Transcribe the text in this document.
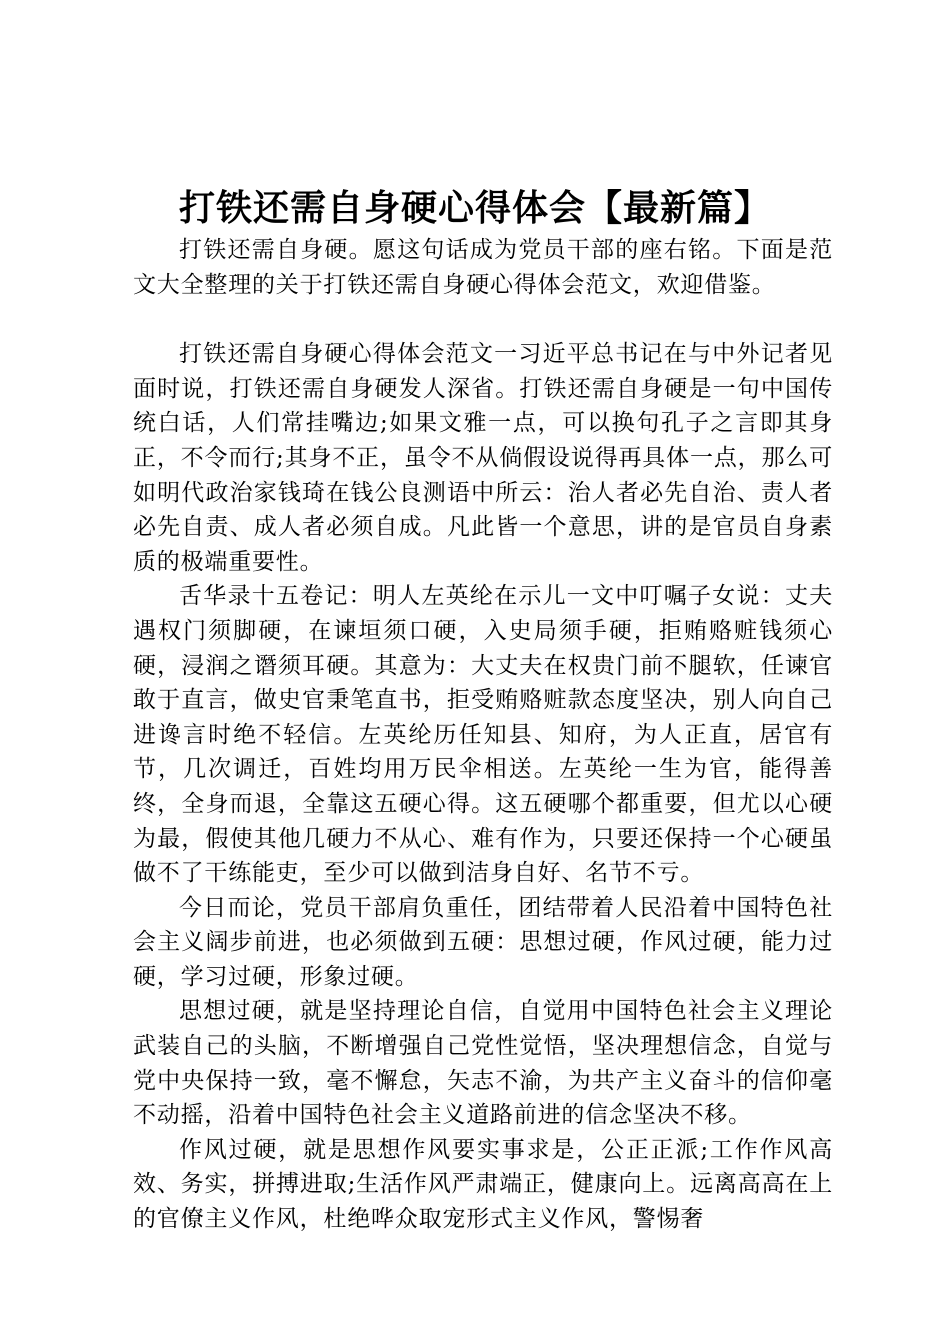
打铁还需自身硬心得体会【最新篇】

打铁还需自身硬。愿这句话成为党员干部的座右铭。下面是范文大全整理的关于打铁还需自身硬心得体会范文，欢迎借鉴。

打铁还需自身硬心得体会范文一习近平总书记在与中外记者见面时说，打铁还需自身硬发人深省。打铁还需自身硬是一句中国传统白话，人们常挂嘴边;如果文雅一点，可以换句孔子之言即其身正，不令而行;其身不正，虽令不从倘假设说得再具体一点，那么可如明代政治家钱琦在钱公良测语中所云：治人者必先自治、责人者必先自责、成人者必须自成。凡此皆一个意思，讲的是官员自身素质的极端重要性。

舌华录十五卷记：明人左英纶在示儿一文中叮嘱子女说：丈夫遇权门须脚硬，在谏垣须口硬，入史局须手硬，拒贿赂赃钱须心硬，浸润之谮须耳硬。其意为：大丈夫在权贵门前不腿软，任谏官敢于直言，做史官秉笔直书，拒受贿赂赃款态度坚决，别人向自己进谗言时绝不轻信。左英纶历任知县、知府，为人正直，居官有节，几次调迁，百姓均用万民伞相送。左英纶一生为官，能得善终，全身而退，全靠这五硬心得。这五硬哪个都重要，但尤以心硬为最，假使其他几硬力不从心、难有作为，只要还保持一个心硬虽做不了干练能吏，至少可以做到洁身自好、名节不亏。

今日而论，党员干部肩负重任，团结带着人民沿着中国特色社会主义阔步前进，也必须做到五硬：思想过硬，作风过硬，能力过硬，学习过硬，形象过硬。

思想过硬，就是坚持理论自信，自觉用中国特色社会主义理论武装自己的头脑，不断增强自己党性觉悟，坚决理想信念，自觉与党中央保持一致，毫不懈怠，矢志不渝，为共产主义奋斗的信仰毫不动摇，沿着中国特色社会主义道路前进的信念坚决不移。

作风过硬，就是思想作风要实事求是，公正正派;工作作风高效、务实，拼搏进取;生活作风严肃端正，健康向上。远离高高在上的官僚主义作风，杜绝哗众取宠形式主义作风，警惕奢
